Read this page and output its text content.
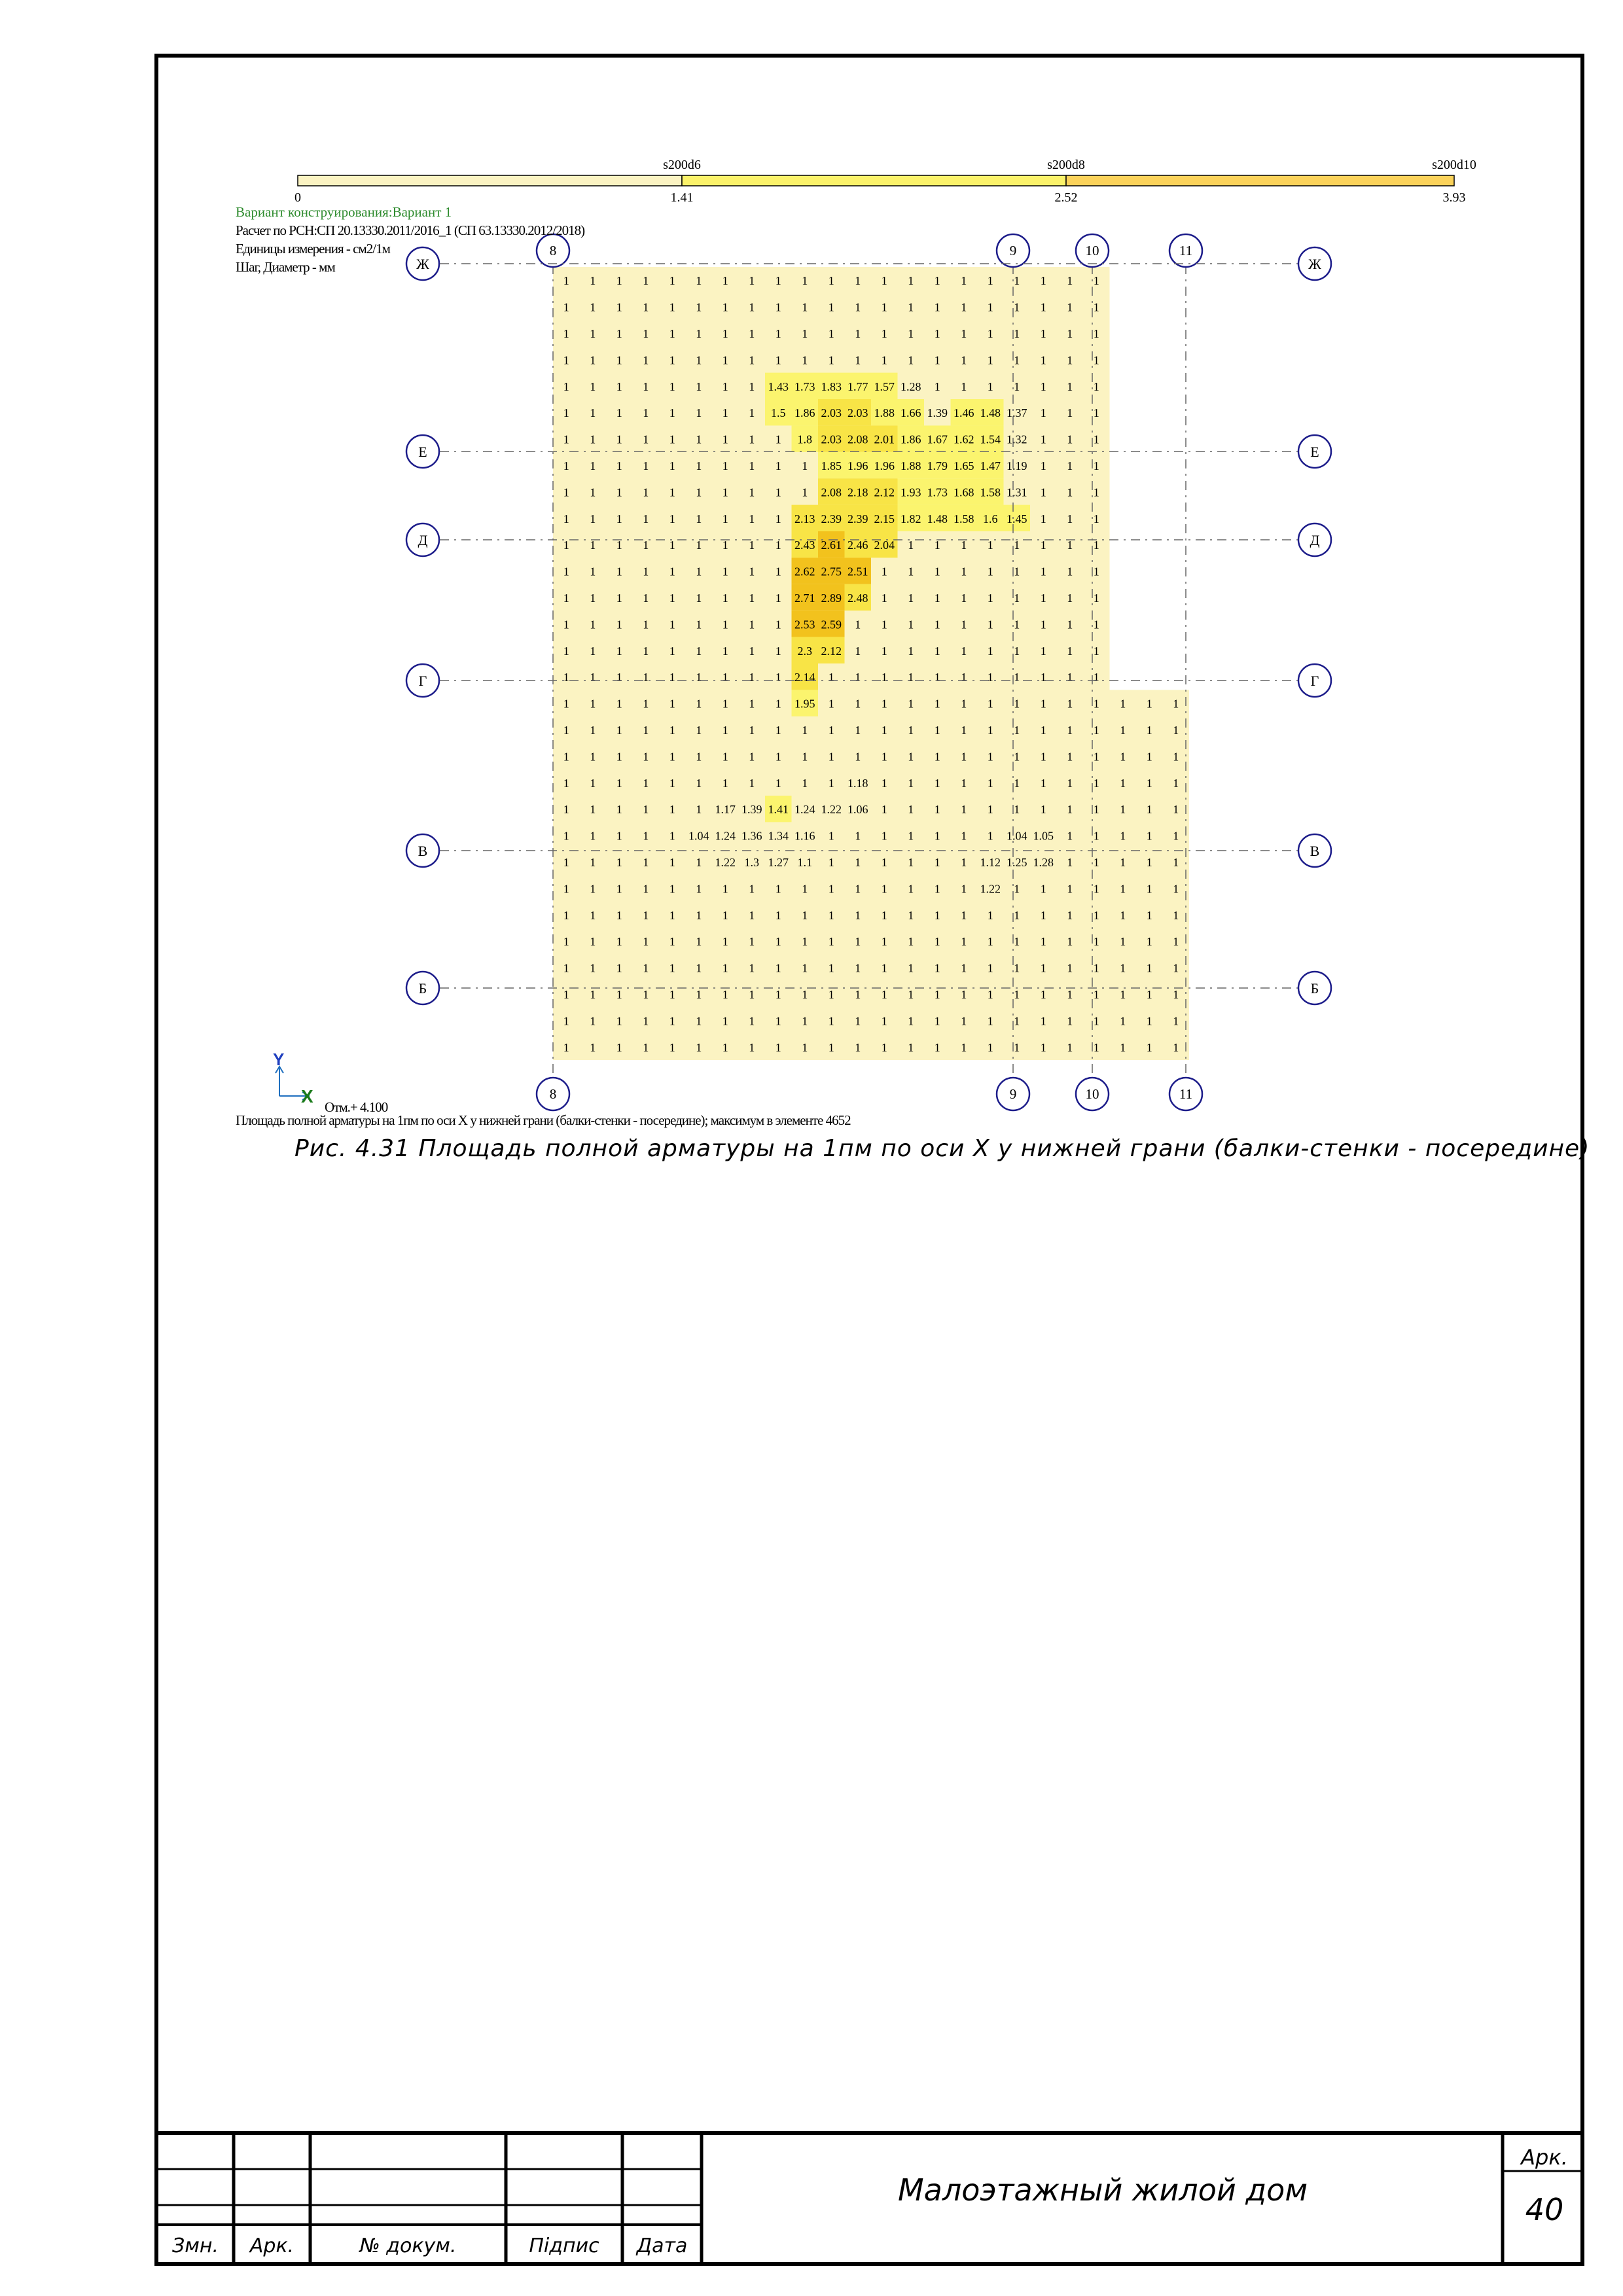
0	1.41	2.52	3.93
s200d6	s200d8	s200d10
1 1 1 1 1 1 1 1 1 1 1 1 1 1 1 1 1 1 1 1 1
1 1 1 1 1 1 1 1 1 1 1 1 1 1 1 1 1 1 1 1 1
1 1 1 1 1 1 1 1 1 1 1 1 1 1 1 1 1 1 1 1 1
1 1 1 1 1 1 1 1 1 1 1 1 1 1 1 1 1 1 1 1 1
1 1 1 1 1 1 1 1 1.43 1.73 1.83 1.77 1.57 1.28 1 1 1 1 1 1 1
1 1 1 1 1 1 1 1 1.5 1.86 2.03 2.03 1.88 1.66 1.39 1.46 1.48 1.37 1 1 1
1 1 1 1 1 1 1 1 1 1.8 2.03 2.08 2.01 1.86 1.67 1.62 1.54 1.32 1 1 1
1 1 1 1 1 1 1 1 1 1 1.85 1.96 1.96 1.88 1.79 1.65 1.47 1.19 1 1 1
1 1 1 1 1 1 1 1 1 1 2.08 2.18 2.12 1.93 1.73 1.68 1.58 1.31 1 1 1
1 1 1 1 1 1 1 1 1 2.13 2.39 2.39 2.15 1.82 1.48 1.58 1.6 1.45 1 1 1
1 1 1 1 1 1 1 1 1 2.43 2.61 2.46 2.04 1 1 1 1 1 1 1 1
1 1 1 1 1 1 1 1 1 2.62 2.75 2.51 1 1 1 1 1 1 1 1 1
1 1 1 1 1 1 1 1 1 2.71 2.89 2.48 1 1 1 1 1 1 1 1 1
1 1 1 1 1 1 1 1 1 2.53 2.59 1 1 1 1 1 1 1 1 1 1
1 1 1 1 1 1 1 1 1 2.3 2.12 1 1 1 1 1 1 1 1 1 1
1 1 1 1 1 1 1 1 1 2.14 1 1 1 1 1 1 1 1 1 1 1
1 1 1 1 1 1 1 1 1 1.95 1 1 1 1 1 1 1 1 1 1 1 1 1 1
1 1 1 1 1 1 1 1 1 1 1 1 1 1 1 1 1 1 1 1 1 1 1 1
1 1 1 1 1 1 1 1 1 1 1 1 1 1 1 1 1 1 1 1 1 1 1 1
1 1 1 1 1 1 1 1 1 1 1 1.18 1 1 1 1 1 1 1 1 1 1 1 1
1 1 1 1 1 1 1.17 1.39 1.41 1.24 1.22 1.06 1 1 1 1 1 1 1 1 1 1 1 1
1 1 1 1 1 1.04 1.24 1.36 1.34 1.16 1 1 1 1 1 1 1 1.04 1.05 1 1 1 1 1
1 1 1 1 1 1 1.22 1.3 1.27 1.1 1 1 1 1 1 1 1.12 1.25 1.28 1 1 1 1 1
1 1 1 1 1 1 1 1 1 1 1 1 1 1 1 1 1.22 1 1 1 1 1 1 1
1 1 1 1 1 1 1 1 1 1 1 1 1 1 1 1 1 1 1 1 1 1 1 1
1 1 1 1 1 1 1 1 1 1 1 1 1 1 1 1 1 1 1 1 1 1 1 1
1 1 1 1 1 1 1 1 1 1 1 1 1 1 1 1 1 1 1 1 1 1 1 1
1 1 1 1 1 1 1 1 1 1 1 1 1 1 1 1 1 1 1 1 1 1 1 1
1 1 1 1 1 1 1 1 1 1 1 1 1 1 1 1 1 1 1 1 1 1 1 1
1 1 1 1 1 1 1 1 1 1 1 1 1 1 1 1 1 1 1 1 1 1 1 1
8
8
9
9
10
10
11
11
Ж	Ж
Е	Е
Д	Д
Г	Г
В	В
Б	Б
Y
X
Вариант конструирования:Вариант 1
Расчет по РСН:СП 20.13330.2011/2016_1 (СП 63.13330.2012/2018)
Единицы измерения - см2/1м
Шаг, Диаметр - мм
Отм.+ 4.100
Площадь полной арматуры на 1пм по оси X у нижней грани (балки-стенки - посередине); максимум в элементе 4652
Рис. 4.31 Площадь полной арматуры на 1пм по оси X у нижней грани (балки-стенки - посередине)
Змн.	Арк.	№ докум.	Підпис	Дата
Малоэтажный жилой дом
Арк.
40
